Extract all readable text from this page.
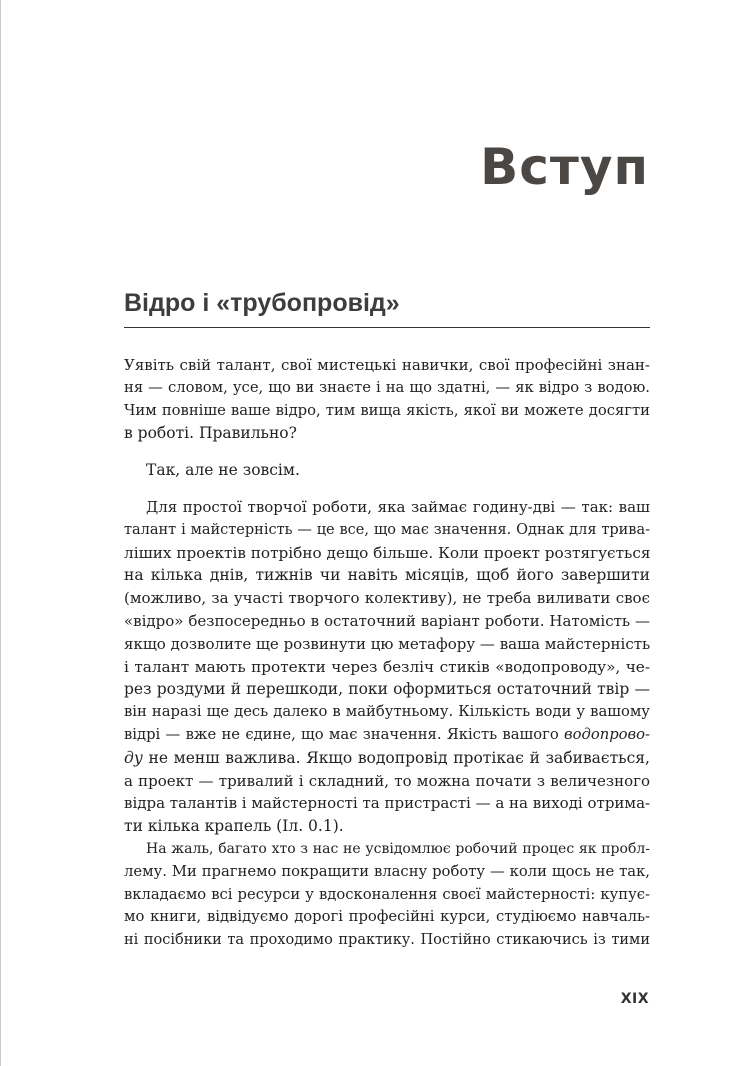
Вступ
Відро і «трубопровід»
Уявіть свій талант, свої мистецькі навички, свої професійні знан-
ня — словом, усе, що ви знаєте і на що здатні, — як відро з водою.
Чим повніше ваше відро, тим вища якість, якої ви можете досягти
в роботі. Правильно?
Так, але не зовсім.
Для простої творчої роботи, яка займає годину-дві — так: ваш
талант і майстерність — це все, що має значення. Однак для трива-
ліших проектів потрібно дещо більше. Коли проект розтягується
на кілька днів, тижнів чи навіть місяців, щоб його завершити
(можливо, за участі творчого колективу), не треба виливати своє
«відро» безпосередньо в остаточний варіант роботи. Натомість —
якщо дозволите ще розвинути цю метафору — ваша майстерність
і талант мають протекти через безліч стиків «водопроводу», че-
рез роздуми й перешкоди, поки оформиться остаточний твір —
він наразі ще десь далеко в майбутньому. Кількість води у вашому
відрі — вже не єдине, що має значення. Якість вашого водопрово-
ду не менш важлива. Якщо водопровід протікає й забивається,
а проект — тривалий і складний, то можна почати з величезного
відра талантів і майстерності та пристрасті — а на виході отрима-
ти кілька крапель (Іл. 0.1).
На жаль, багато хто з нас не усвідомлює робочий процес як пробл-
лему. Ми прагнемо покращити власну роботу — коли щось не так,
вкладаємо всі ресурси у вдосконалення своєї майстерності: купує-
мо книги, відвідуємо дорогі професійні курси, студіюємо навчаль-
ні посібники та проходимо практику. Постійно стикаючись із тими
XIX
